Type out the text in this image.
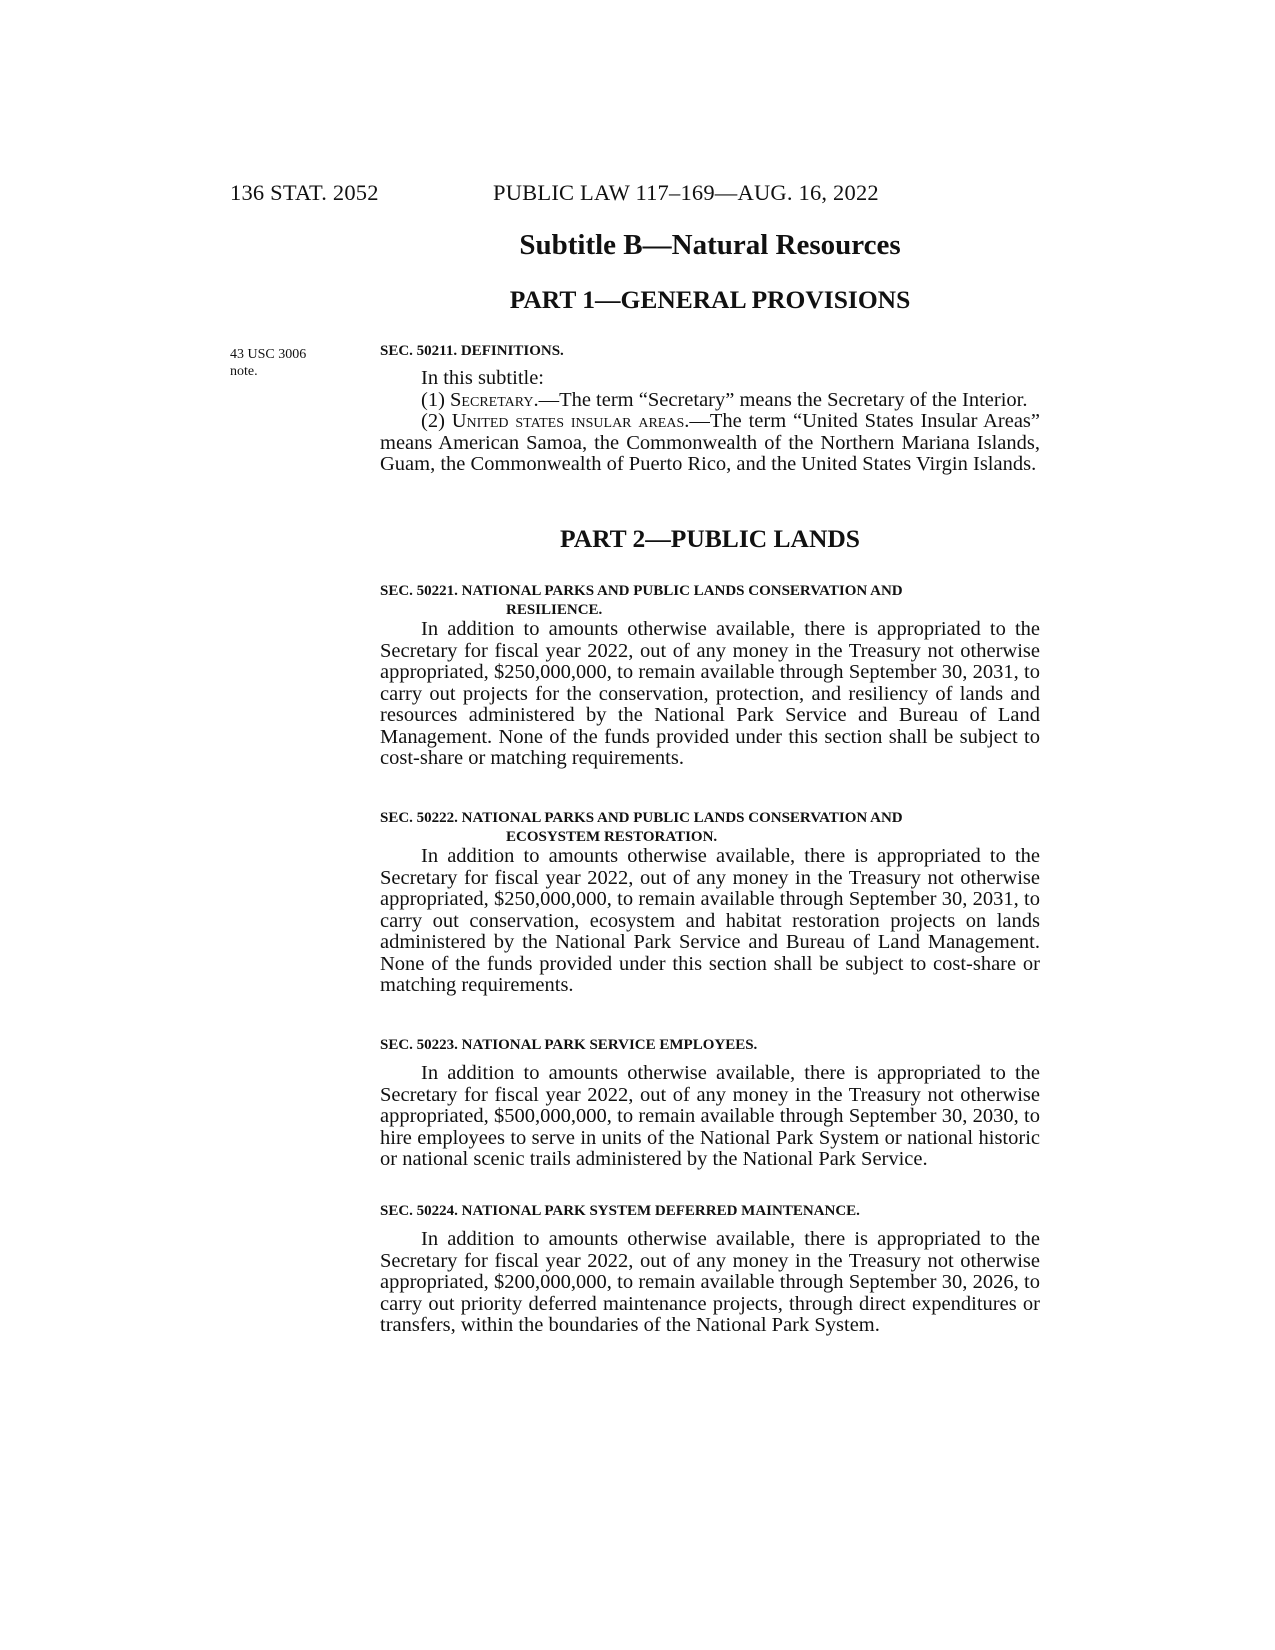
136 STAT. 2052	PUBLIC LAW 117–169—AUG. 16, 2022
Subtitle B—Natural Resources
PART 1—GENERAL PROVISIONS
43 USC 3006
note.
SEC. 50211. DEFINITIONS.

In this subtitle:

(1) Secretary.—The term “Secretary” means the Secretary of the Interior.

(2) United states insular areas.—The term “United States Insular Areas” means American Samoa, the Commonwealth of the Northern Mariana Islands, Guam, the Commonwealth of Puerto Rico, and the United States Virgin Islands.

PART 2—PUBLIC LANDS
SEC. 50221. NATIONAL PARKS AND PUBLIC LANDS CONSERVATION AND
RESILIENCE.

In addition to amounts otherwise available, there is appropriated to the Secretary for fiscal year 2022, out of any money in the Treasury not otherwise appropriated, $250,000,000, to remain available through September 30, 2031, to carry out projects for the conservation, protection, and resiliency of lands and resources administered by the National Park Service and Bureau of Land Management. None of the funds provided under this section shall be subject to cost-share or matching requirements.

SEC. 50222. NATIONAL PARKS AND PUBLIC LANDS CONSERVATION AND
ECOSYSTEM RESTORATION.

In addition to amounts otherwise available, there is appropriated to the Secretary for fiscal year 2022, out of any money in the Treasury not otherwise appropriated, $250,000,000, to remain available through September 30, 2031, to carry out conservation, ecosystem and habitat restoration projects on lands administered by the National Park Service and Bureau of Land Management. None of the funds provided under this section shall be subject to cost-share or matching requirements.

SEC. 50223. NATIONAL PARK SERVICE EMPLOYEES.

In addition to amounts otherwise available, there is appropriated to the Secretary for fiscal year 2022, out of any money in the Treasury not otherwise appropriated, $500,000,000, to remain available through September 30, 2030, to hire employees to serve in units of the National Park System or national historic or national scenic trails administered by the National Park Service.

SEC. 50224. NATIONAL PARK SYSTEM DEFERRED MAINTENANCE.

In addition to amounts otherwise available, there is appropriated to the Secretary for fiscal year 2022, out of any money in the Treasury not otherwise appropriated, $200,000,000, to remain available through September 30, 2026, to carry out priority deferred maintenance projects, through direct expenditures or transfers, within the boundaries of the National Park System.
